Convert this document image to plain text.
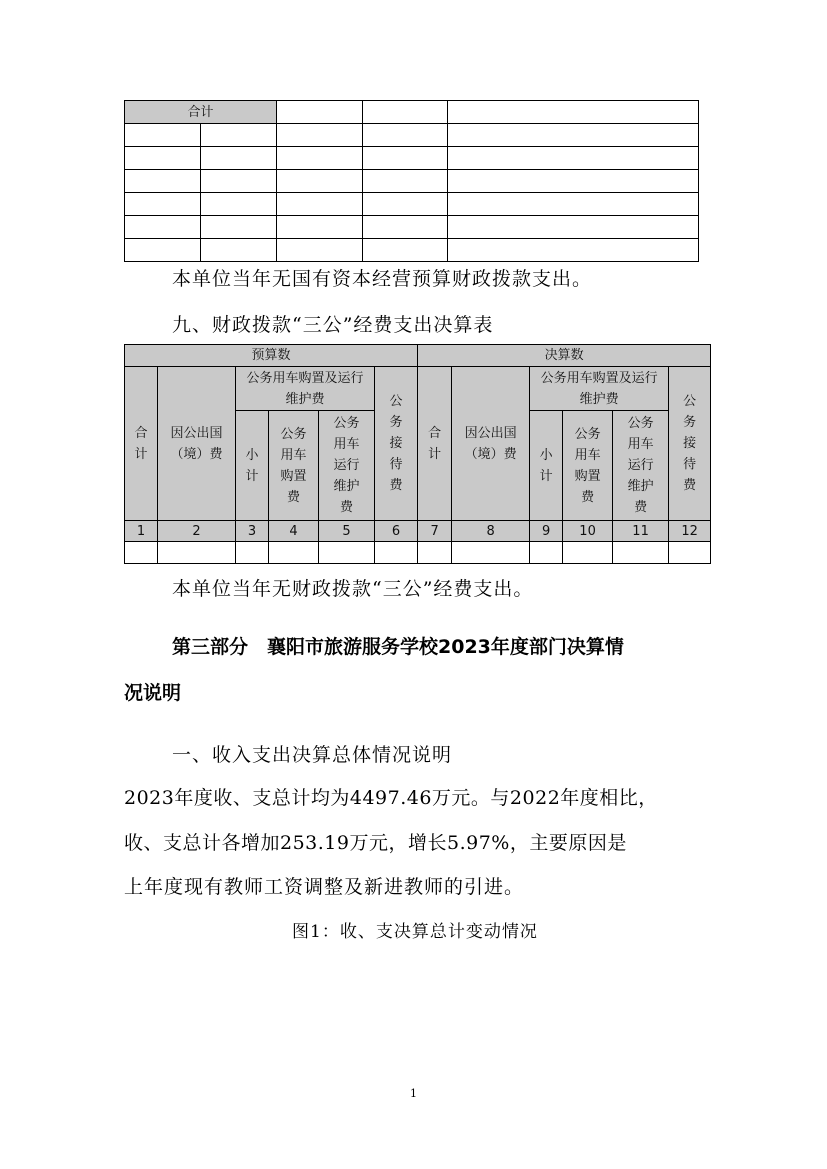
合计				

本单位当年无国有资本经营预算财政拨款支出。
九、财政拨款“三公”经费支出决算表
预算数						决算数					
合计	因公出国（境）费	公务用车购置及运行维护费			公务接待费	合计	因公出国（境）费	公务用车购置及运行维护费			公务接待费
		小计	公务用车购置费	公务用车运行维护费				小计	公务用车购置费	公务用车运行维护费	
1	2	3	4	5	6	7	8	9	10	11	12

本单位当年无财政拨款“三公”经费支出。
第三部分　襄阳市旅游服务学校2023年度部门决算情
况说明
一、收入支出决算总体情况说明
2023年度收、支总计均为4497.46万元。与2022年度相比，
收、支总计各增加253.19万元，增长5.97%，主要原因是
上年度现有教师工资调整及新进教师的引进。
图1：收、支决算总计变动情况
1
